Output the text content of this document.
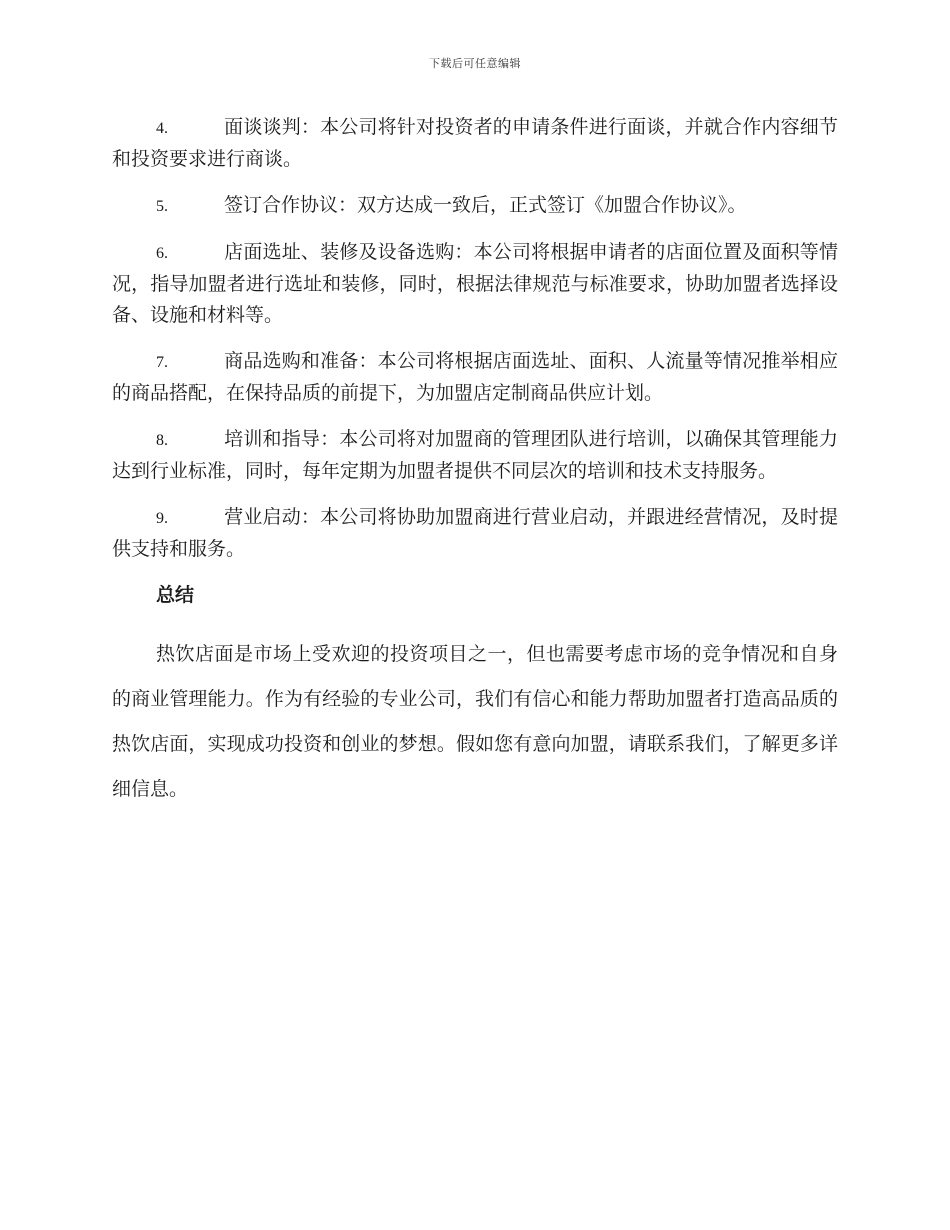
下载后可任意编辑
4.	面谈谈判：本公司将针对投资者的申请条件进行面谈，并就合作内容细节和投资要求进行商谈。
5.	签订合作协议：双方达成一致后，正式签订《加盟合作协议》。
6.	店面选址、装修及设备选购：本公司将根据申请者的店面位置及面积等情况，指导加盟者进行选址和装修，同时，根据法律规范与标准要求，协助加盟者选择设备、设施和材料等。
7.	商品选购和准备：本公司将根据店面选址、面积、人流量等情况推举相应的商品搭配，在保持品质的前提下，为加盟店定制商品供应计划。
8.	培训和指导：本公司将对加盟商的管理团队进行培训，以确保其管理能力达到行业标准，同时，每年定期为加盟者提供不同层次的培训和技术支持服务。
9.	营业启动：本公司将协助加盟商进行营业启动，并跟进经营情况，及时提供支持和服务。
总结

热饮店面是市场上受欢迎的投资项目之一，但也需要考虑市场的竞争情况和自身的商业管理能力。作为有经验的专业公司，我们有信心和能力帮助加盟者打造高品质的热饮店面，实现成功投资和创业的梦想。假如您有意向加盟，请联系我们，了解更多详细信息。
